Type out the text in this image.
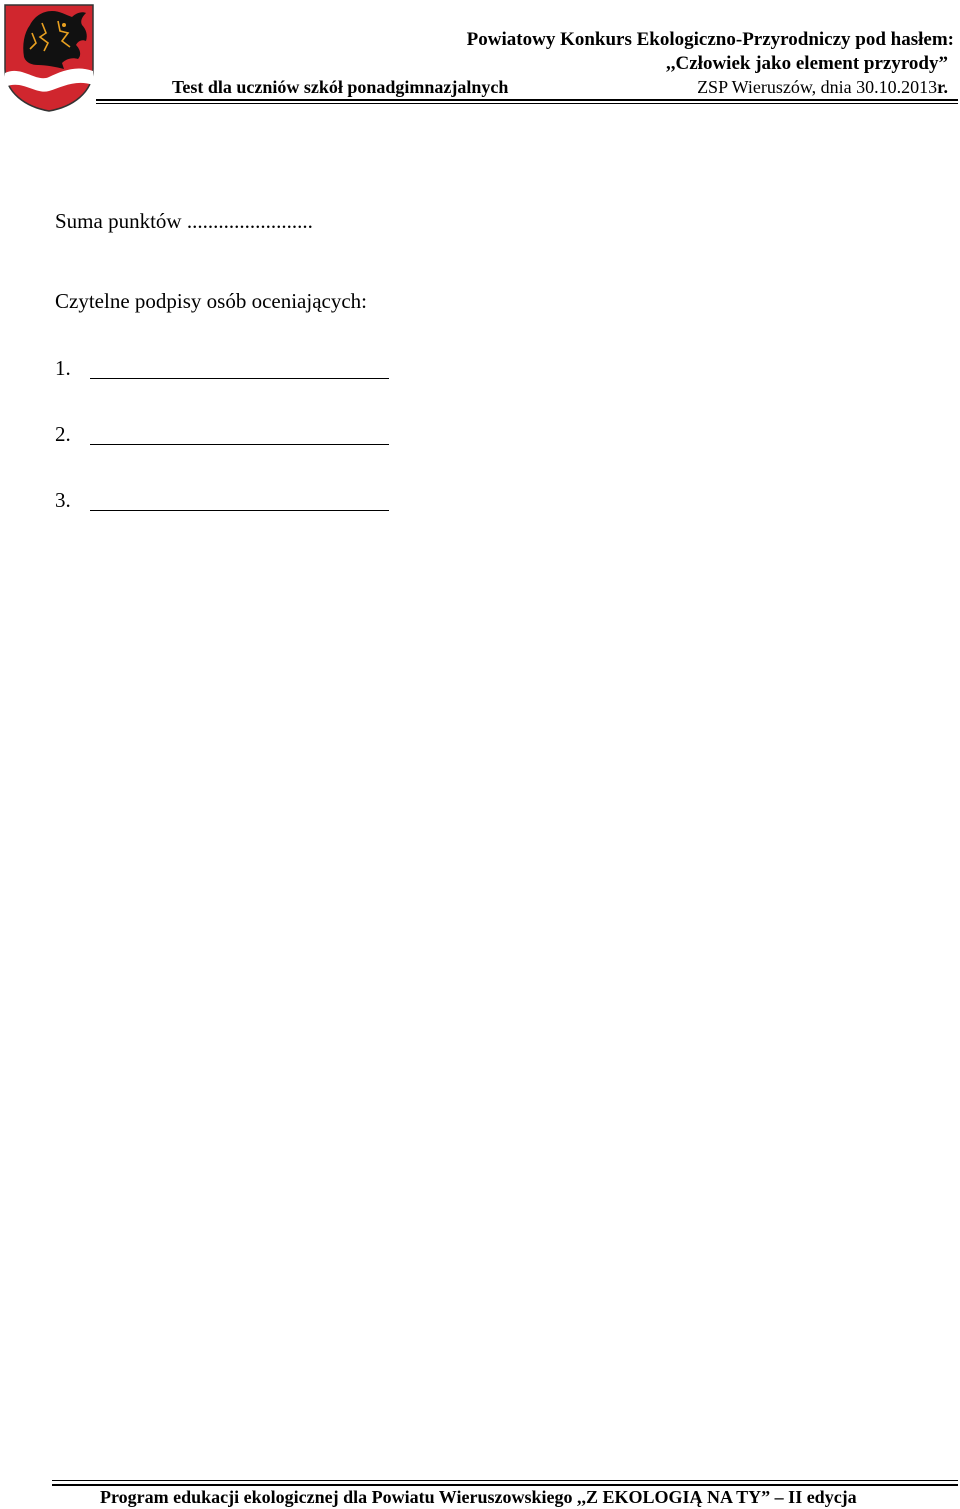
Powiatowy Konkurs Ekologiczno-Przyrodniczy pod hasłem:
,,Człowiek jako element przyrody”
Test dla uczniów szkół ponadgimnazjalnych	ZSP Wieruszów, dnia 30.10.2013r.
Suma punktów ........................
Czytelne podpisy osób oceniających:
1.
2.
3.
Program edukacji ekologicznej dla Powiatu Wieruszowskiego ,,Z EKOLOGIĄ NA TY” – II edycja
